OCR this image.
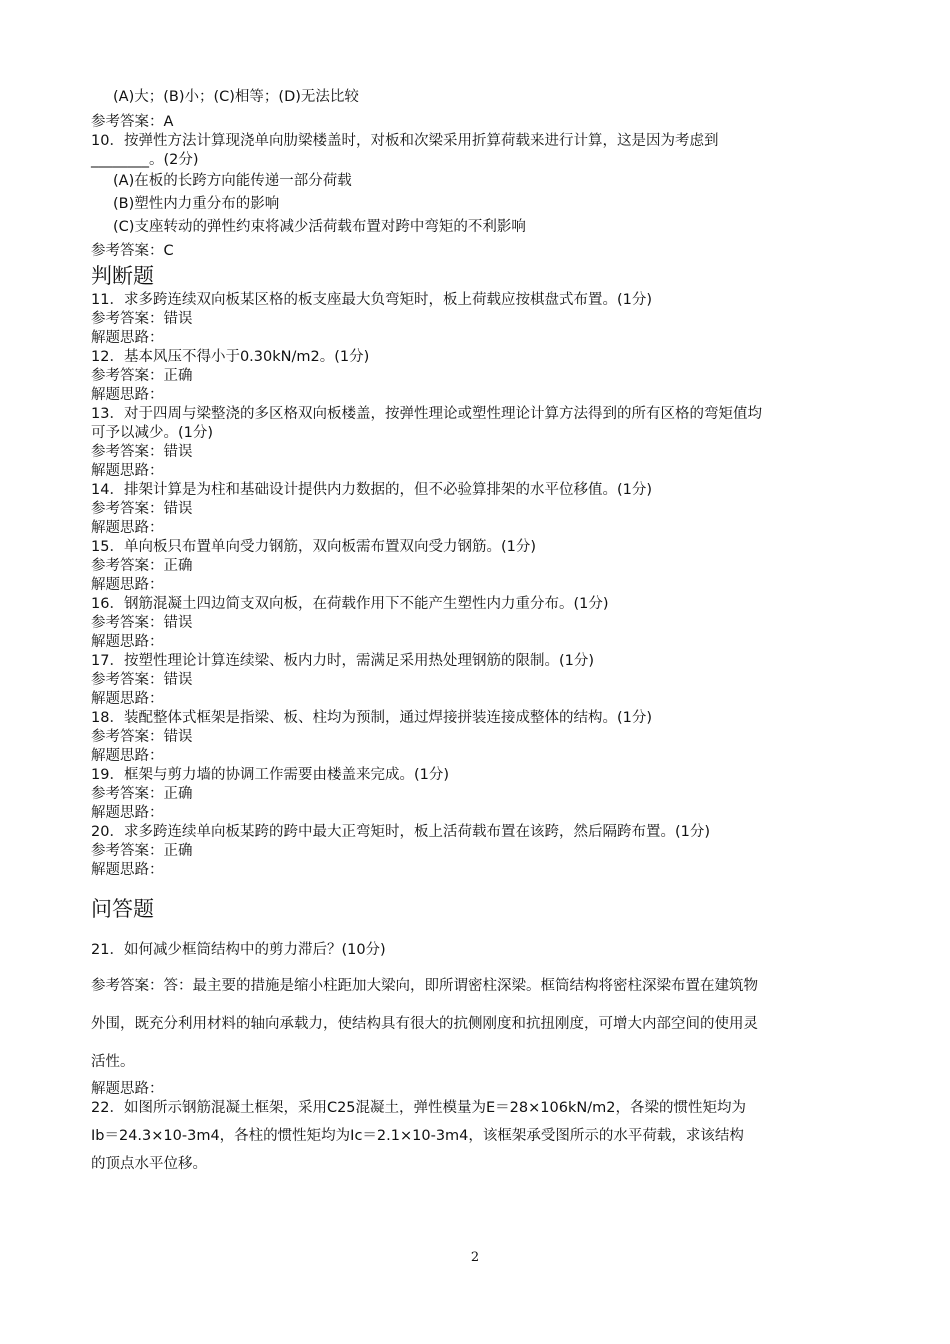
(A)大；(B)小；(C)相等；(D)无法比较
参考答案：A
10．按弹性方法计算现浇单向肋梁楼盖时，对板和次梁采用折算荷载来进行计算，这是因为考虑到
________。(2分)
(A)在板的长跨方向能传递一部分荷载
(B)塑性内力重分布的影响
(C)支座转动的弹性约束将减少活荷载布置对跨中弯矩的不利影响
参考答案：C
判断题
11．求多跨连续双向板某区格的板支座最大负弯矩时，板上荷载应按棋盘式布置。(1分)
参考答案：错误
解题思路：
12．基本风压不得小于0.30kN/m2。(1分)
参考答案：正确
解题思路：
13．对于四周与梁整浇的多区格双向板楼盖，按弹性理论或塑性理论计算方法得到的所有区格的弯矩值均
可予以减少。(1分)
参考答案：错误
解题思路：
14．排架计算是为柱和基础设计提供内力数据的，但不必验算排架的水平位移值。(1分)
参考答案：错误
解题思路：
15．单向板只布置单向受力钢筋，双向板需布置双向受力钢筋。(1分)
参考答案：正确
解题思路：
16．钢筋混凝土四边简支双向板，在荷载作用下不能产生塑性内力重分布。(1分)
参考答案：错误
解题思路：
17．按塑性理论计算连续梁、板内力时，需满足采用热处理钢筋的限制。(1分)
参考答案：错误
解题思路：
18．装配整体式框架是指梁、板、柱均为预制，通过焊接拼装连接成整体的结构。(1分)
参考答案：错误
解题思路：
19．框架与剪力墙的协调工作需要由楼盖来完成。(1分)
参考答案：正确
解题思路：
20．求多跨连续单向板某跨的跨中最大正弯矩时，板上活荷载布置在该跨，然后隔跨布置。(1分)
参考答案：正确
解题思路：
问答题
21．如何减少框筒结构中的剪力滞后？(10分)
参考答案：答：最主要的措施是缩小柱距加大梁向，即所谓密柱深梁。框筒结构将密柱深梁布置在建筑物
外围，既充分利用材料的轴向承载力，使结构具有很大的抗侧刚度和抗扭刚度，可增大内部空间的使用灵
活性。
解题思路：
22．如图所示钢筋混凝土框架，采用C25混凝土，弹性模量为E＝28×106kN/m2，各梁的惯性矩均为
Ib＝24.3×10-3m4，各柱的惯性矩均为Ic＝2.1×10-3m4，该框架承受图所示的水平荷载，求该结构
的顶点水平位移。
2
